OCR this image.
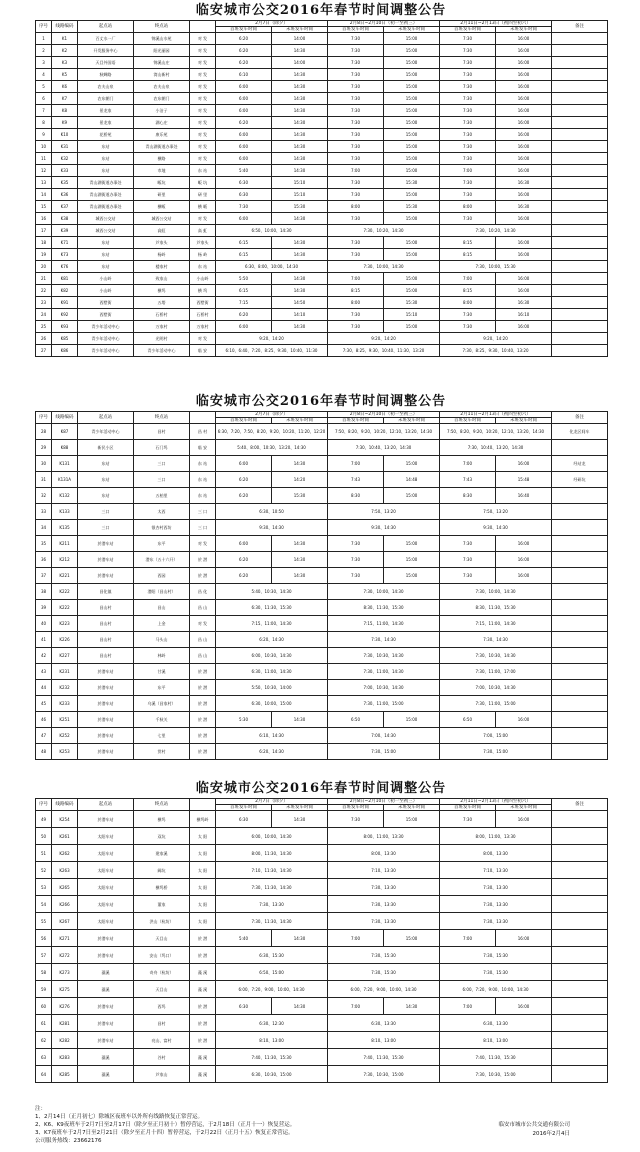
临安城市公交2016年春节时间调整公告
序号	线路编码	起点站	终点站		2月7日（除夕）		2月8日~2月10日（初一至初三）		2月11日~2月13日（初四至初六）		备注
					首班发车时间	末班发车时间	首班发车时间	末班发车时间	首班发车时间	末班发车时间	
1	K1	百丈水一厂	锦溪山水苑	对 发	6:20	14:00	7:30	15:00	7:30	16:00	
2	K2	开发服务中心	阳光丽园	对 发	6:20	14:30	7:30	15:00	7:30	16:00	
3	K3	天目外国语	锦溪山庄	对 发	6:20	14:00	7:30	15:00	7:30	16:00	
4	K5	秋蝉路	湾山新村	对 发	6:10	14:30	7:30	15:00	7:30	16:00	
5	K6	农夫山泉	农夫山泉	对 发	6:00	14:30	7:30	15:00	7:30	16:00	
6	K7	农东朝门	农东朝门	对 发	6:00	14:30	7:30	15:00	7:30	16:00	
7	K8	景龙家	小洁子	对 发	6:00	14:30	7:30	15:00	7:30	16:00	
8	K9	景龙家	湖心庄	对 发	6:20	14:30	7:30	15:00	7:30	16:00	
9	K10	花桥苑	康乐苑	对 发	6:00	14:30	7:30	15:00	7:30	16:00	
10	K31	东站	青山湖街道办事处	对 发	6:00	14:30	7:30	15:00	7:30	16:00	
11	K32	东站	横路	对 发	6:00	14:30	7:30	15:00	7:30	16:00	
12	K33	东站	市地	东 站	5:40	14:30	7:00	15:00	7:00	16:00	
13	K35	青山湖街道办事处	畈坑	畈 坑	6:30	15:10	7:30	15:30	7:30	16:30	
14	K36	青山湖街道办事处	研里	研 里	6:30	15:10	7:30	15:00	7:30	16:00	
15	K37	青山湖街道办事处	横畈	横 畈	7:30	15:30	8:00	15:30	8:00	16:30	
16	K38	城西公交站	城西公交站	对 发	6:00	14:30	7:30	15:00	7:30	16:00	
17	K39	城西公交站	高虹	高 虹	6:50、10:00、14:30		7:30、10:20、14:30		7:30、10:20、14:30		
18	K71	东站	芦家头	芦家头	6:15	14:30	7:30	15:00	8:15	16:00	
19	K73	东站	杨岭	杨 岭	6:15	14:30	7:30	15:00	8:15	16:00	
20	K76	东站	楼家村	东 站	6:30、8:00、10:00、14:30		7:30、10:00、14:30		7:30、10:00、15:30		
21	K81	小山岭	致家山	小山岭	5:50	14:30	7:00	15:00	7:00	16:00	
22	K82	小山岭	横坞	横 坞	6:15	14:30	8:15	15:00	8:15	16:00	
23	K91	西墅街	五塔	西墅街	7:15	14:50	8:00	15:30	8:00	16:30	
24	K92	西墅街	石桥村	石桥村	6:20	14:10	7:30	15:10	7:30	16:10	
25	K93	青少年活动中心	万家村	万家村	6:00	14:30	7:30	15:00	7:30	16:00	
26	K85	青少年活动中心	光明村	对 发	9:20、14:20		9:20、14:20		9:20、14:20		
27	K86	青少年活动中心	青少年活动中心	临 安	6:10、6:40、7:20、8:25、9:30、10:40、11:30		7:30、8:25、9:30、10:40、11:30、13:20		7:30、8:25、9:30、10:40、13:20		
临安城市公交2016年春节时间调整公告
序号	线路编码	起点站	终点站		2月7日（除夕）		2月8日~2月10日（初一至初三）		2月11日~2月13日（初四至初六）		备注
					首班发车时间	末班发车时间	首班发车时间	末班发车时间	首班发车时间	末班发车时间	
28	K87	青少年活动中心	昌村	昌 村	6:30、7:20、7:50、8:20、9:20、10:20、11:20、12:20		7:50、8:20、9:20、10:20、12:10、13:20、14:30		7:50、8:20、9:20、10:20、12:10、13:20、14:30		化龙区间车
29	K88	新民小区	石门坞	临 安	5:40、8:00、10:30、13:20、14:30		7:30、10:40、13:20、14:30		7:30、10:40、13:20、14:30		
30	K131	东站	三口	东 站	6:00	14:30	7:00	15:00	7:00	16:00	经站龙
31	K131A	东站	三口	东 站	6:20	14:20	7:43	14:48	7:43	15:48	经研坑
32	K132	东站	五柏里	东 站	6:20	15:30	8:30	15:00	8:30	16:40	
33	K133	三口	太西	三 口	6:30、10:50		7:50、13:20		7:50、13:20		
34	K135	三口	银杏村西坊	三 口	9:30、14:30		9:30、14:30		9:30、14:30		
35	K211	於潜车站	东平	对 发	6:00	14:30	7:30	15:00	7:30	16:00	
36	K212	於潜车站	潜东（五十六开）	於 潜	6:20	14:30	7:30	15:00	7:30	16:00	
37	K221	於潜车站	西园	於 潜	6:20	14:30	7:30	15:00	7:30	16:00	
38	K222	昌化镇	潜阳（昌山村）	昌 化	5:40、10:30、14:30		7:30、10:00、14:30		7:30、10:00、14:30		
39	K222	昌山村	昌山	昌 山	6:30、11:30、15:30		8:30、11:30、15:30		8:30、11:30、15:30		
40	K223	昌山村	上金	对 发	7:15、11:00、14:30		7:15、11:00、14:30		7:15、11:00、14:30		
41	K226	昌山村	马头山	昌 山	6:20、14:30		7:30、14:30		7:30、14:30		
42	K227	昌山村	林岭	昌 山	6:00、10:30、14:30		7:30、10:30、14:30		7:30、10:30、14:30		
43	K231	於潜车站	甘溪	於 潜	6:30、11:00、14:30		7:30、11:00、14:30		7:30、11:00、17:00		
44	K232	於潜车站	东平	於 潜	5:50、10:30、14:00		7:00、10:30、14:30		7:00、10:30、14:30		
45	K233	於潜车站	乌溪（昌家村）	於 潜	6:30、10:00、15:00		7:30、11:00、15:00		7:30、11:00、15:00		
46	K251	於潜车站	千秋关	於 潜	5:30	14:30	6:50	15:00	6:50	16:00	
47	K252	於潜车站	七里	於 潜	6:10、14:30		7:00、14:30		7:00、15:00		
48	K253	於潜车站	赏村	於 潜	6:20、14:30		7:30、15:00		7:30、15:00		
临安城市公交2016年春节时间调整公告
序号	线路编码	起点站	终点站		2月7日（除夕）		2月8日~2月10日（初一至初三）		2月11日~2月13日（初四至初六）		备注
					首班发车时间	末班发车时间	首班发车时间	末班发车时间	首班发车时间	末班发车时间	
49	K254	於潜车站	横坞	横坞岭	6:30	14:30	7:30	15:00	7:30	16:00	
50	K261	太阳车站	双坑	太 阳	6:00、10:00、14:30		8:00、11:00、13:30		8:00、11:00、13:30		
51	K262	太阳车站	建家溪	太 阳	8:00、11:30、14:30		8:00、13:30		8:00、13:30		
52	K263	太阳车站	阔坑	太 阳	7:10、11:30、14:30		7:10、13:30		7:10、13:30		
53	K265	太阳车站	横坞桥	太 阳	7:30、11:30、14:30		7:30、13:30		7:30、13:30		
54	K266	太阳车站	董家	太 阳	7:30、13:30		7:30、13:30		7:30、13:30		
55	K267	太阳车站	洪山（杭坊）	太 阳	7:30、11:30、14:30		7:30、13:30		7:30、13:30		
56	K271	於潜车站	天目山	於 潜	5:40	14:30	7:00	15:00	7:00	16:00	
57	K272	於潜车站	安山（坞口）	於 潜	6:30、15:30		7:30、15:30		7:30、15:30		
58	K273	藻溪	奇舟（杭坊）	藻 溪	6:50、15:00		7:30、15:30		7:30、15:30		
59	K275	藻溪	天目山	藻 溪	6:00、7:20、9:00、10:00、14:30		6:00、7:20、9:00、10:00、14:30		6:00、7:20、9:00、10:00、14:30		
60	K276	於潜车站	西坞	於 潜	6:30	14:30	7:00	14:30	7:00	16:00	
61	K281	於潜车站	昌村	於 潜	6:30、12:30		6:30、13:30		6:30、13:30		
62	K282	於潜车站	亮山、富村	於 潜	8:10、13:00		8:10、13:00		8:10、13:00		
63	K283	藻溪	谷村	藻 溪	7:40、11:30、15:30		7:40、11:30、15:30		7:40、11:30、15:30		
64	K285	藻溪	芦家山	藻 溪	6:30、10:30、15:00		7:30、10:30、15:00		7:30、10:30、15:00		
注：
1、2月14日（正月初七）除城区夜班车以外所有线路恢复正常营运。
2、K6、K9夜班车于2月7日至2月17日（除夕至正月初十）暂停营运，于2月18日（正月十一）恢复营运。
3、K7夜班车于2月7日至2月21日（除夕至正月十四）暂停营运，于2月22日（正月十五）恢复正常营运。
公司服务热线：23662176
临安市城市公共交通有限公司
2016年2月4日
